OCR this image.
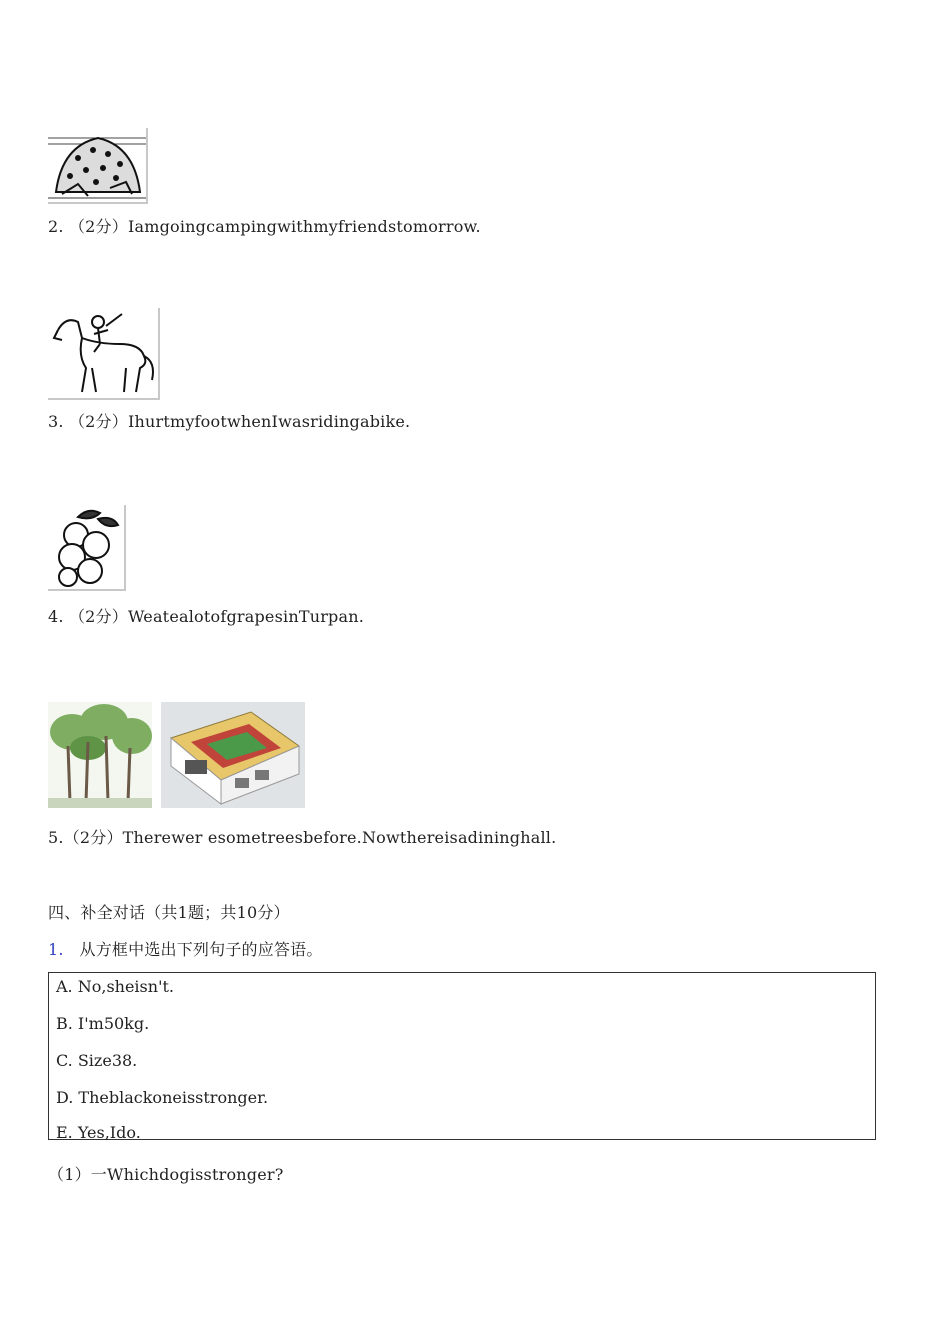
2. （2分）Iamgoingcampingwithmyfriendstomorrow.
3. （2分）IhurtmyfootwhenIwasridingabike.
4. （2分）WeatealotofgrapesinTurpan.
5.（2分）Therewer esometreesbefore.Nowthereisadininghall.
四、补全对话（共1题；共10分）
1. 从方框中选出下列句子的应答语。
A. No,sheisn't.
B. I'm50kg.
C. Size38.
D. Theblackoneisstronger.
E. Yes,Ido.
（1）一Whichdogisstronger?
